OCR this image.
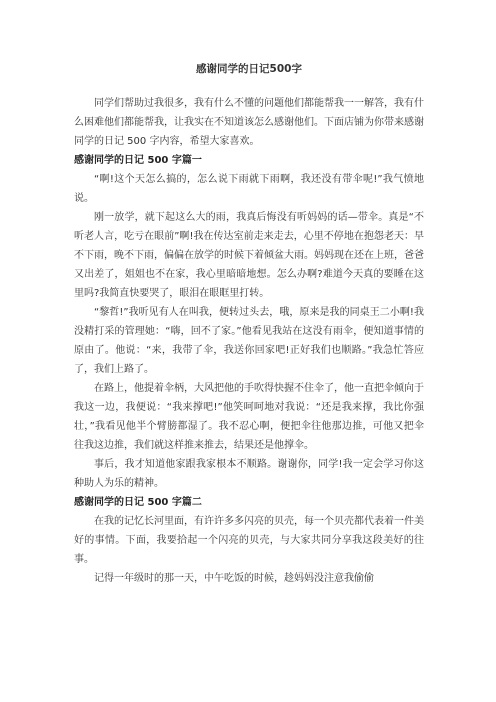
感谢同学的日记500字

同学们帮助过我很多，我有什么不懂的问题他们都能帮我一一解答，我有什么困难他们都能帮我，让我实在不知道该怎么感谢他们。下面店铺为你带来感谢同学的日记 500 字内容，希望大家喜欢。

感谢同学的日记 500 字篇一

“啊!这个天怎么搞的，怎么说下雨就下雨啊，我还没有带伞呢!”我气愤地说。

刚一放学，就下起这么大的雨，我真后悔没有听妈妈的话—带伞。真是“不听老人言，吃亏在眼前”啊!我在传达室前走来走去，心里不停地在抱怨老天：早不下雨，晚不下雨，偏偏在放学的时候下着倾盆大雨。妈妈现在还在上班，爸爸又出差了，姐姐也不在家，我心里暗暗地想。怎么办啊?难道今天真的要睡在这里吗?我简直快要哭了，眼泪在眼眶里打转。

“黎哲!”我听见有人在叫我，便转过头去，哦，原来是我的同桌王二小啊!我没精打采的管理她：“嗨，回不了家。”他看见我站在这没有雨伞，便知道事情的原由了。他说：“来，我带了伞，我送你回家吧!正好我们也顺路。”我急忙答应了，我们上路了。

在路上，他提着伞柄，大风把他的手吹得快握不住伞了，他一直把伞倾向于我这一边，我便说：“我来撑吧!”他笑呵呵地对我说：“还是我来撑，我比你强壮，”我看见他半个臂膀都湿了。我不忍心啊，便把伞往他那边推，可他又把伞往我这边推，我们就这样推来推去，结果还是他撑伞。

事后，我才知道他家跟我家根本不顺路。谢谢你，同学!我一定会学习你这种助人为乐的精神。

感谢同学的日记 500 字篇二

在我的记忆长河里面，有许许多多闪亮的贝壳，每一个贝壳都代表着一件美好的事情。下面，我要拾起一个闪亮的贝壳，与大家共同分享我这段美好的往事。

记得一年级时的那一天，中午吃饭的时候，趁妈妈没注意我偷偷
